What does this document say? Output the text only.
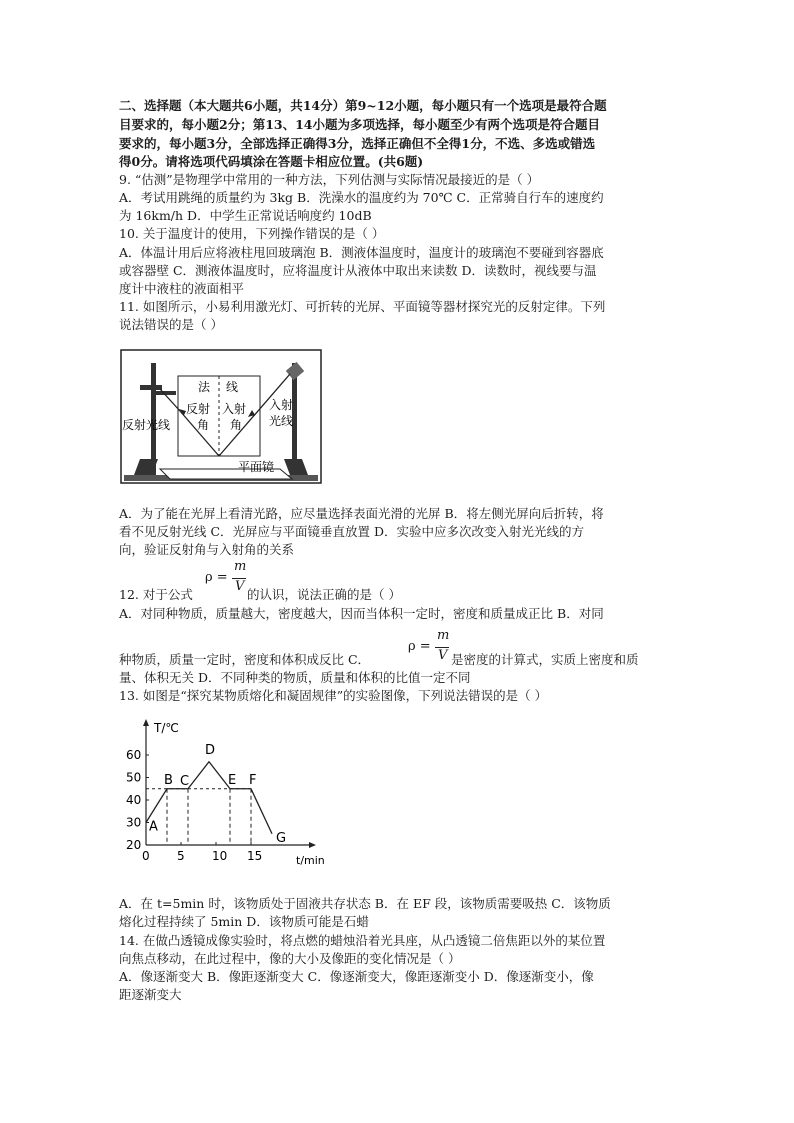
二、选择题（本大题共6小题，共14分）第9~12小题，每小题只有一个选项是最符合题
目要求的，每小题2分；第13、14小题为多项选择，每小题至少有两个选项是符合题目
要求的，每小题3分，全部选择正确得3分，选择正确但不全得1分，不选、多选或错选
得0分。请将选项代码填涂在答题卡相应位置。(共6题)
9. “估测”是物理学中常用的一种方法，下列估测与实际情况最接近的是（ ）
A．考试用跳绳的质量约为 3kg B．洗澡水的温度约为 70℃ C．正常骑自行车的速度约
为 16km/h D．中学生正常说话响度约 10dB
10. 关于温度计的使用，下列操作错误的是（ ）
A．体温计用后应将液柱甩回玻璃泡 B．测液体温度时，温度计的玻璃泡不要碰到容器底
或容器壁 C．测液体温度时，应将温度计从液体中取出来读数 D．读数时，视线要与温
度计中液柱的液面相平
11. 如图所示，小易利用激光灯、可折转的光屏、平面镜等器材探究光的反射定律。下列
说法错误的是（ ）
法 线
反射
角
入射
角
反射光线
入射
光线
平面镜
A．为了能在光屏上看清光路，应尽量选择表面光滑的光屏 B．将左侧光屏向后折转，将
看不见反射光线 C．光屏应与平面镜垂直放置 D．实验中应多次改变入射光光线的方
向，验证反射角与入射角的关系
ρ =
m
V
12. 对于公式	的认识，说法正确的是（ ）
A．对同种物质，质量越大，密度越大，因而当体积一定时，密度和质量成正比 B．对同
ρ =
m
V
种物质，质量一定时，密度和体积成反比 C．	是密度的计算式，实质上密度和质
量、体积无关 D．不同种类的物质，质量和体积的比值一定不同
13. 如图是“探究某物质熔化和凝固规律”的实验图像，下列说法错误的是（ ）
T/℃
t/min
20
30
40
50
60
0 5 10 15
A
B C
D
E F
G
A．在 t=5min 时，该物质处于固液共存状态 B．在 EF 段，该物质需要吸热 C．该物质
熔化过程持续了 5min D．该物质可能是石蜡
14. 在做凸透镜成像实验时，将点燃的蜡烛沿着光具座，从凸透镜二倍焦距以外的某位置
向焦点移动，在此过程中，像的大小及像距的变化情况是（ ）
A．像逐渐变大 B．像距逐渐变大 C．像逐渐变大，像距逐渐变小 D．像逐渐变小，像
距逐渐变大
